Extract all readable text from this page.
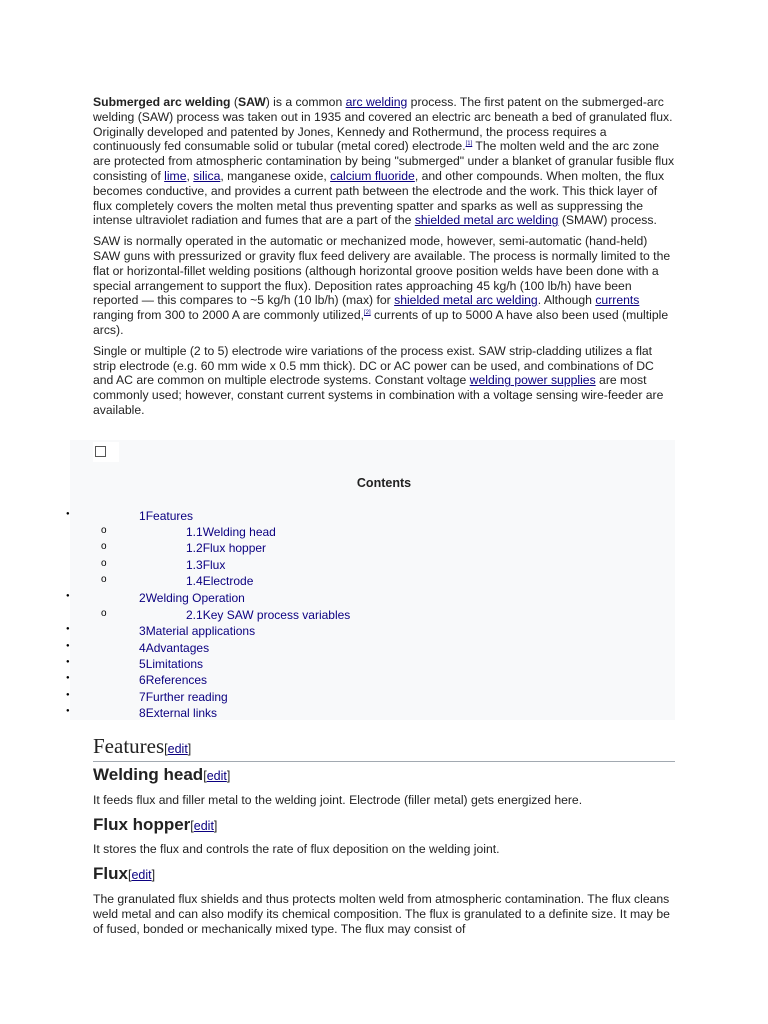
Submerged arc welding (SAW) is a common arc welding process. The first patent on the submerged-arc welding (SAW) process was taken out in 1935 and covered an electric arc beneath a bed of granulated flux. Originally developed and patented by Jones, Kennedy and Rothermund, the process requires a continuously fed consumable solid or tubular (metal cored) electrode.[1] The molten weld and the arc zone are protected from atmospheric contamination by being "submerged" under a blanket of granular fusible flux consisting of lime, silica, manganese oxide, calcium fluoride, and other compounds. When molten, the flux becomes conductive, and provides a current path between the electrode and the work. This thick layer of flux completely covers the molten metal thus preventing spatter and sparks as well as suppressing the intense ultraviolet radiation and fumes that are a part of the shielded metal arc welding (SMAW) process.

SAW is normally operated in the automatic or mechanized mode, however, semi-automatic (hand-held) SAW guns with pressurized or gravity flux feed delivery are available. The process is normally limited to the flat or horizontal-fillet welding positions (although horizontal groove position welds have been done with a special arrangement to support the flux). Deposition rates approaching 45 kg/h (100 lb/h) have been reported — this compares to ~5 kg/h (10 lb/h) (max) for shielded metal arc welding. Although currents ranging from 300 to 2000 A are commonly utilized,[2] currents of up to 5000 A have also been used (multiple arcs).

Single or multiple (2 to 5) electrode wire variations of the process exist. SAW strip-cladding utilizes a flat strip electrode (e.g. 60 mm wide x 0.5 mm thick). DC or AC power can be used, and combinations of DC and AC are common on multiple electrode systems. Constant voltage welding power supplies are most commonly used; however, constant current systems in combination with a voltage sensing wire-feeder are available.

Contents
●	1Features
o	1.1Welding head
o	1.2Flux hopper
o	1.3Flux
o	1.4Electrode
●	2Welding Operation
o	2.1Key SAW process variables
●	3Material applications
●	4Advantages
●	5Limitations
●	6References
●	7Further reading
●	8External links
Features[edit]
Welding head[edit]

It feeds flux and filler metal to the welding joint. Electrode (filler metal) gets energized here.

Flux hopper[edit]

It stores the flux and controls the rate of flux deposition on the welding joint.

Flux[edit]

The granulated flux shields and thus protects molten weld from atmospheric contamination. The flux cleans weld metal and can also modify its chemical composition. The flux is granulated to a definite size. It may be of fused, bonded or mechanically mixed type. The flux may consist of
